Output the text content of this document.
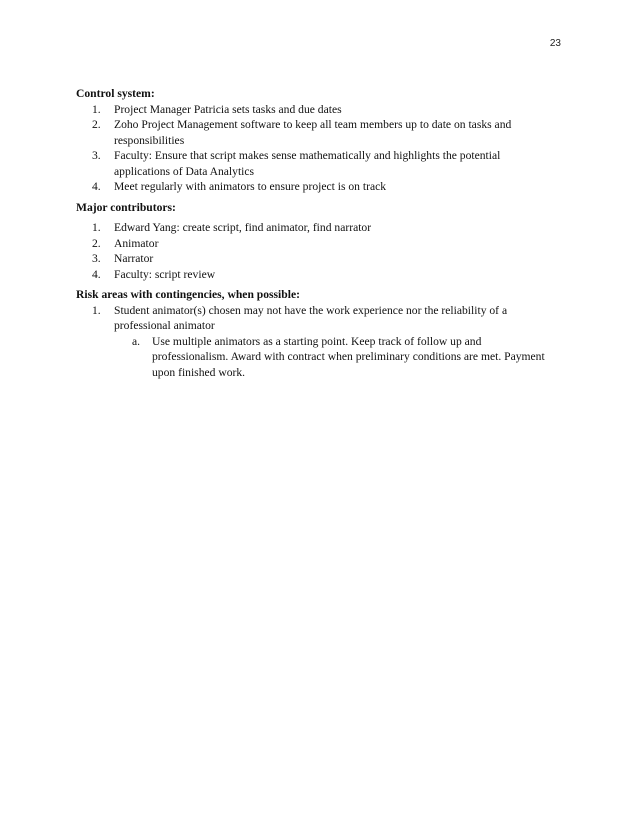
23

Control system:

1. Project Manager Patricia sets tasks and due dates
2. Zoho Project Management software to keep all team members up to date on tasks and responsibilities
3. Faculty: Ensure that script makes sense mathematically and highlights the potential applications of Data Analytics
4. Meet regularly with animators to ensure project is on track

Major contributors:

1. Edward Yang: create script, find animator, find narrator
2. Animator
3. Narrator
4. Faculty: script review

Risk areas with contingencies, when possible:

1. Student animator(s) chosen may not have the work experience nor the reliability of a professional animator
a. Use multiple animators as a starting point. Keep track of follow up and professionalism. Award with contract when preliminary conditions are met. Payment upon finished work.
